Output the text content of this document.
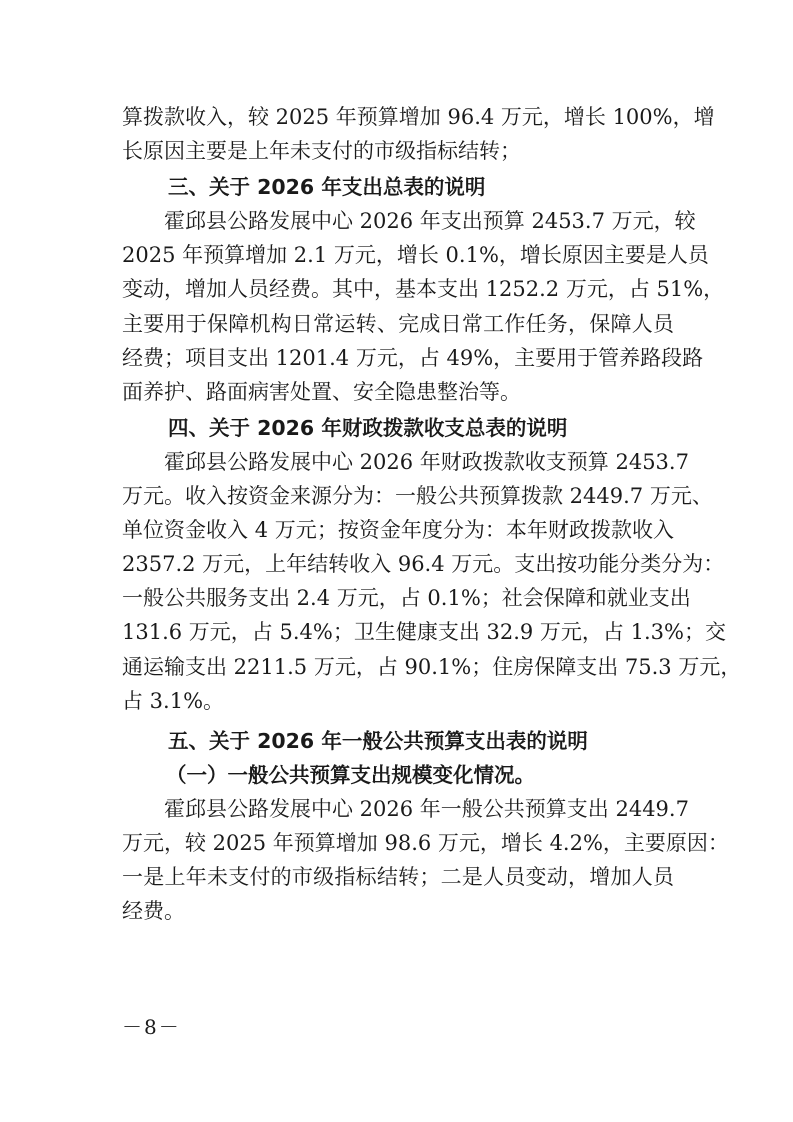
算拨款收入，较 2025 年预算增加 96.4 万元，增长 100%，增
长原因主要是上年未支付的市级指标结转；
三、关于 2026 年支出总表的说明
霍邱县公路发展中心 2026 年支出预算 2453.7 万元，较
2025 年预算增加 2.1 万元，增长 0.1%，增长原因主要是人员
变动，增加人员经费。其中，基本支出 1252.2 万元，占 51%，
主要用于保障机构日常运转、完成日常工作任务，保障人员
经费；项目支出 1201.4 万元，占 49%，主要用于管养路段路
面养护、路面病害处置、安全隐患整治等。
四、关于 2026 年财政拨款收支总表的说明
霍邱县公路发展中心 2026 年财政拨款收支预算 2453.7
万元。收入按资金来源分为：一般公共预算拨款 2449.7 万元、
单位资金收入 4 万元；按资金年度分为：本年财政拨款收入
2357.2 万元，上年结转收入 96.4 万元。支出按功能分类分为：
一般公共服务支出 2.4 万元，占 0.1%；社会保障和就业支出
131.6 万元，占 5.4%；卫生健康支出 32.9 万元，占 1.3%；交
通运输支出 2211.5 万元，占 90.1%；住房保障支出 75.3 万元，
占 3.1%。
五、关于 2026 年一般公共预算支出表的说明
（一）一般公共预算支出规模变化情况。
霍邱县公路发展中心 2026 年一般公共预算支出 2449.7
万元，较 2025 年预算增加 98.6 万元，增长 4.2%，主要原因：
一是上年未支付的市级指标结转；二是人员变动，增加人员
经费。
－8－
